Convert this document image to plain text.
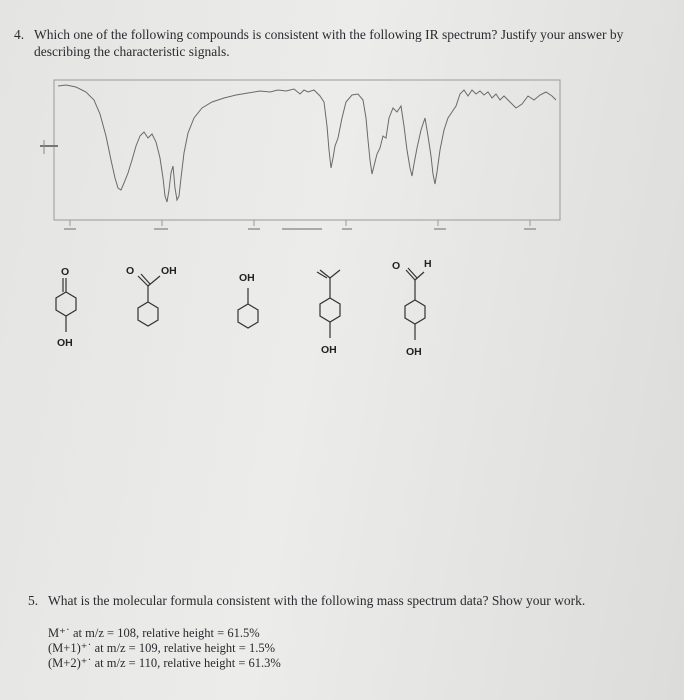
4. Which one of the following compounds is consistent with the following IR spectrum? Justify your answer by
describing the characteristic signals.
O
OH
O	OH
OH
OH
O H
OH
5. What is the molecular formula consistent with the following mass spectrum data? Show your work.
M⁺˙ at m/z = 108, relative height = 61.5%
(M+1)⁺˙ at m/z = 109, relative height = 1.5%
(M+2)⁺˙ at m/z = 110, relative height = 61.3%
